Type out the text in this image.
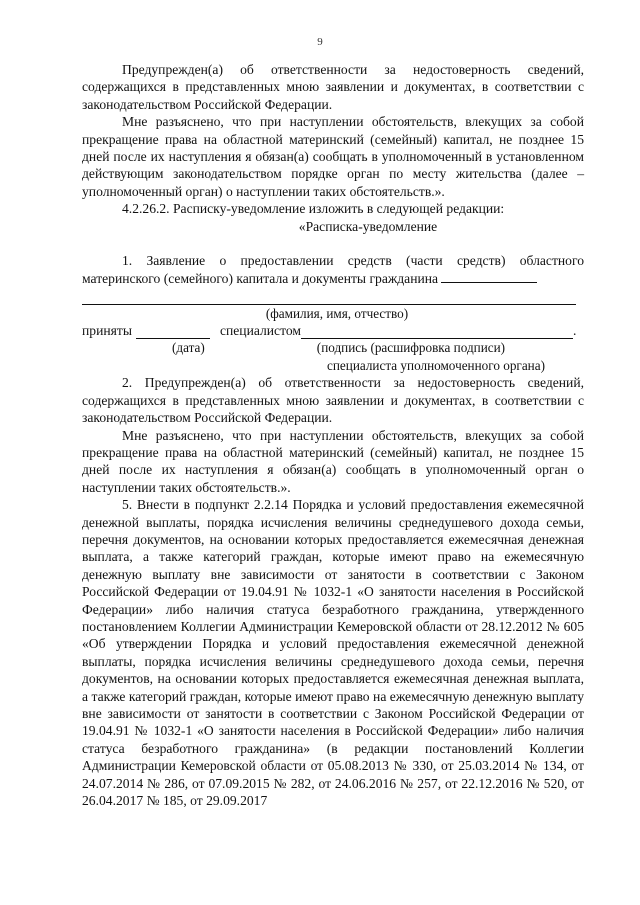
9

Предупрежден(а) об ответственности за недостоверность сведений, содержащихся в представленных мною заявлении и документах, в соответствии с законодательством Российской Федерации.

Мне разъяснено, что при наступлении обстоятельств, влекущих за собой прекращение права на областной материнский (семейный) капитал, не позднее 15 дней после их наступления я обязан(а) сообщать в уполномоченный в установленном действующим законодательством порядке орган по месту жительства (далее – уполномоченный орган) о наступлении таких обстоятельств.».

4.2.26.2. Расписку-уведомление изложить в следующей редакции:

«Расписка-уведомление

1. Заявление о предоставлении средств (части средств) областного материнского (семейного) капитала и документы гражданина

(фамилия, имя, отчество)
приняты	специалистом	.
(дата)	(подпись (расшифровка подписи)
специалиста уполномоченного органа)

2. Предупрежден(а) об ответственности за недостоверность сведений, содержащихся в представленных мною заявлении и документах, в соответствии с законодательством Российской Федерации.

Мне разъяснено, что при наступлении обстоятельств, влекущих за собой прекращение права на областной материнский (семейный) капитал, не позднее 15 дней после их наступления я обязан(а) сообщать в уполномоченный орган о наступлении таких обстоятельств.».

5. Внести в подпункт 2.2.14 Порядка и условий предоставления ежемесячной денежной выплаты, порядка исчисления величины среднедушевого дохода семьи, перечня документов, на основании которых предоставляется ежемесячная денежная выплата, а также категорий граждан, которые имеют право на ежемесячную денежную выплату вне зависимости от занятости в соответствии с Законом Российской Федерации от 19.04.91 № 1032-1 «О занятости населения в Российской Федерации» либо наличия статуса безработного гражданина, утвержденного постановлением Коллегии Администрации Кемеровской области от 28.12.2012 № 605 «Об утверждении Порядка и условий предоставления ежемесячной денежной выплаты, порядка исчисления величины среднедушевого дохода семьи, перечня документов, на основании которых предоставляется ежемесячная денежная выплата, а также категорий граждан, которые имеют право на ежемесячную денежную выплату вне зависимости от занятости в соответствии с Законом Российской Федерации от 19.04.91 № 1032-1 «О занятости населения в Российской Федерации» либо наличия статуса безработного гражданина» (в редакции постановлений Коллегии Администрации Кемеровской области от 05.08.2013 № 330, от 25.03.2014 № 134, от 24.07.2014 № 286, от 07.09.2015 № 282, от 24.06.2016 № 257, от 22.12.2016 № 520, от 26.04.2017 № 185, от 29.09.2017
